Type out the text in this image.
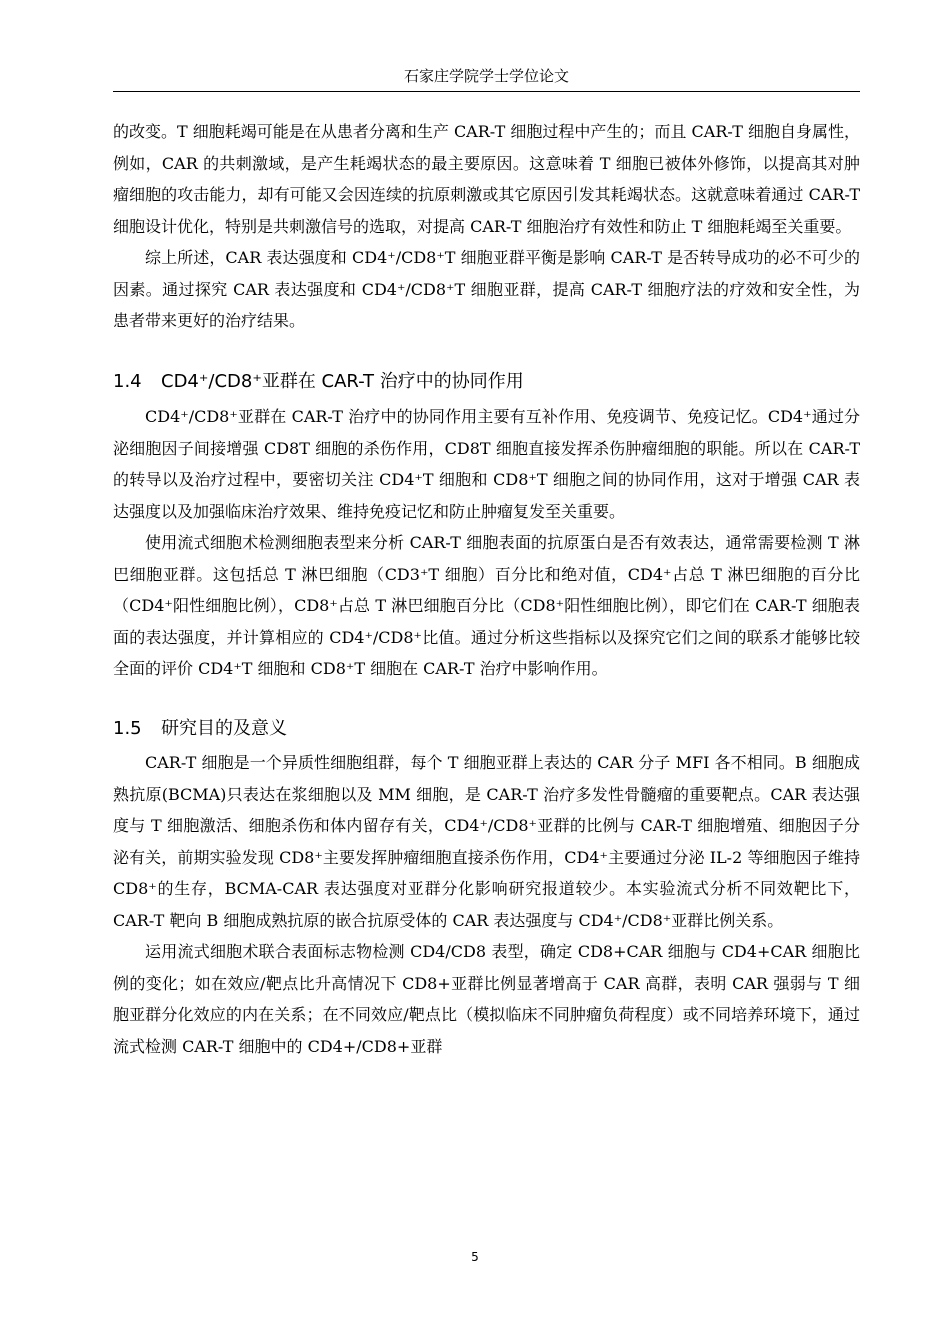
石家庄学院学士学位论文

的改变。T 细胞耗竭可能是在从患者分离和生产 CAR-T 细胞过程中产生的；而且 CAR-T 细胞自身属性，例如，CAR 的共刺激域，是产生耗竭状态的最主要原因。这意味着 T 细胞已被体外修饰，以提高其对肿瘤细胞的攻击能力，却有可能又会因连续的抗原刺激或其它原因引发其耗竭状态。这就意味着通过 CAR-T 细胞设计优化，特别是共刺激信号的选取，对提高 CAR-T 细胞治疗有效性和防止 T 细胞耗竭至关重要。

综上所述，CAR 表达强度和 CD4⁺/CD8⁺T 细胞亚群平衡是影响 CAR-T 是否转导成功的必不可少的因素。通过探究 CAR 表达强度和 CD4⁺/CD8⁺T 细胞亚群，提高 CAR-T 细胞疗法的疗效和安全性，为患者带来更好的治疗结果。

1.4 CD4⁺/CD8⁺亚群在 CAR-T 治疗中的协同作用

CD4⁺/CD8⁺亚群在 CAR-T 治疗中的协同作用主要有互补作用、免疫调节、免疫记忆。CD4⁺通过分泌细胞因子间接增强 CD8T 细胞的杀伤作用，CD8T 细胞直接发挥杀伤肿瘤细胞的职能。所以在 CAR-T 的转导以及治疗过程中，要密切关注 CD4⁺T 细胞和 CD8⁺T 细胞之间的协同作用，这对于增强 CAR 表达强度以及加强临床治疗效果、维持免疫记忆和防止肿瘤复发至关重要。

使用流式细胞术检测细胞表型来分析 CAR-T 细胞表面的抗原蛋白是否有效表达，通常需要检测 T 淋巴细胞亚群。这包括总 T 淋巴细胞（CD3⁺T 细胞）百分比和绝对值，CD4⁺占总 T 淋巴细胞的百分比（CD4⁺阳性细胞比例），CD8⁺占总 T 淋巴细胞百分比（CD8⁺阳性细胞比例），即它们在 CAR-T 细胞表面的表达强度，并计算相应的 CD4⁺/CD8⁺比值。通过分析这些指标以及探究它们之间的联系才能够比较全面的评价 CD4⁺T 细胞和 CD8⁺T 细胞在 CAR-T 治疗中影响作用。

1.5 研究目的及意义

CAR-T 细胞是一个异质性细胞组群，每个 T 细胞亚群上表达的 CAR 分子 MFI 各不相同。B 细胞成熟抗原(BCMA)只表达在浆细胞以及 MM 细胞，是 CAR-T 治疗多发性骨髓瘤的重要靶点。CAR 表达强度与 T 细胞激活、细胞杀伤和体内留存有关，CD4⁺/CD8⁺亚群的比例与 CAR-T 细胞增殖、细胞因子分泌有关，前期实验发现 CD8⁺主要发挥肿瘤细胞直接杀伤作用，CD4⁺主要通过分泌 IL-2 等细胞因子维持 CD8⁺的生存，BCMA-CAR 表达强度对亚群分化影响研究报道较少。本实验流式分析不同效靶比下，CAR-T 靶向 B 细胞成熟抗原的嵌合抗原受体的 CAR 表达强度与 CD4⁺/CD8⁺亚群比例关系。

运用流式细胞术联合表面标志物检测 CD4/CD8 表型，确定 CD8+CAR 细胞与 CD4+CAR 细胞比例的变化；如在效应/靶点比升高情况下 CD8+亚群比例显著增高于 CAR 高群，表明 CAR 强弱与 T 细胞亚群分化效应的内在关系；在不同效应/靶点比（模拟临床不同肿瘤负荷程度）或不同培养环境下，通过流式检测 CAR-T 细胞中的 CD4+/CD8+亚群

5
